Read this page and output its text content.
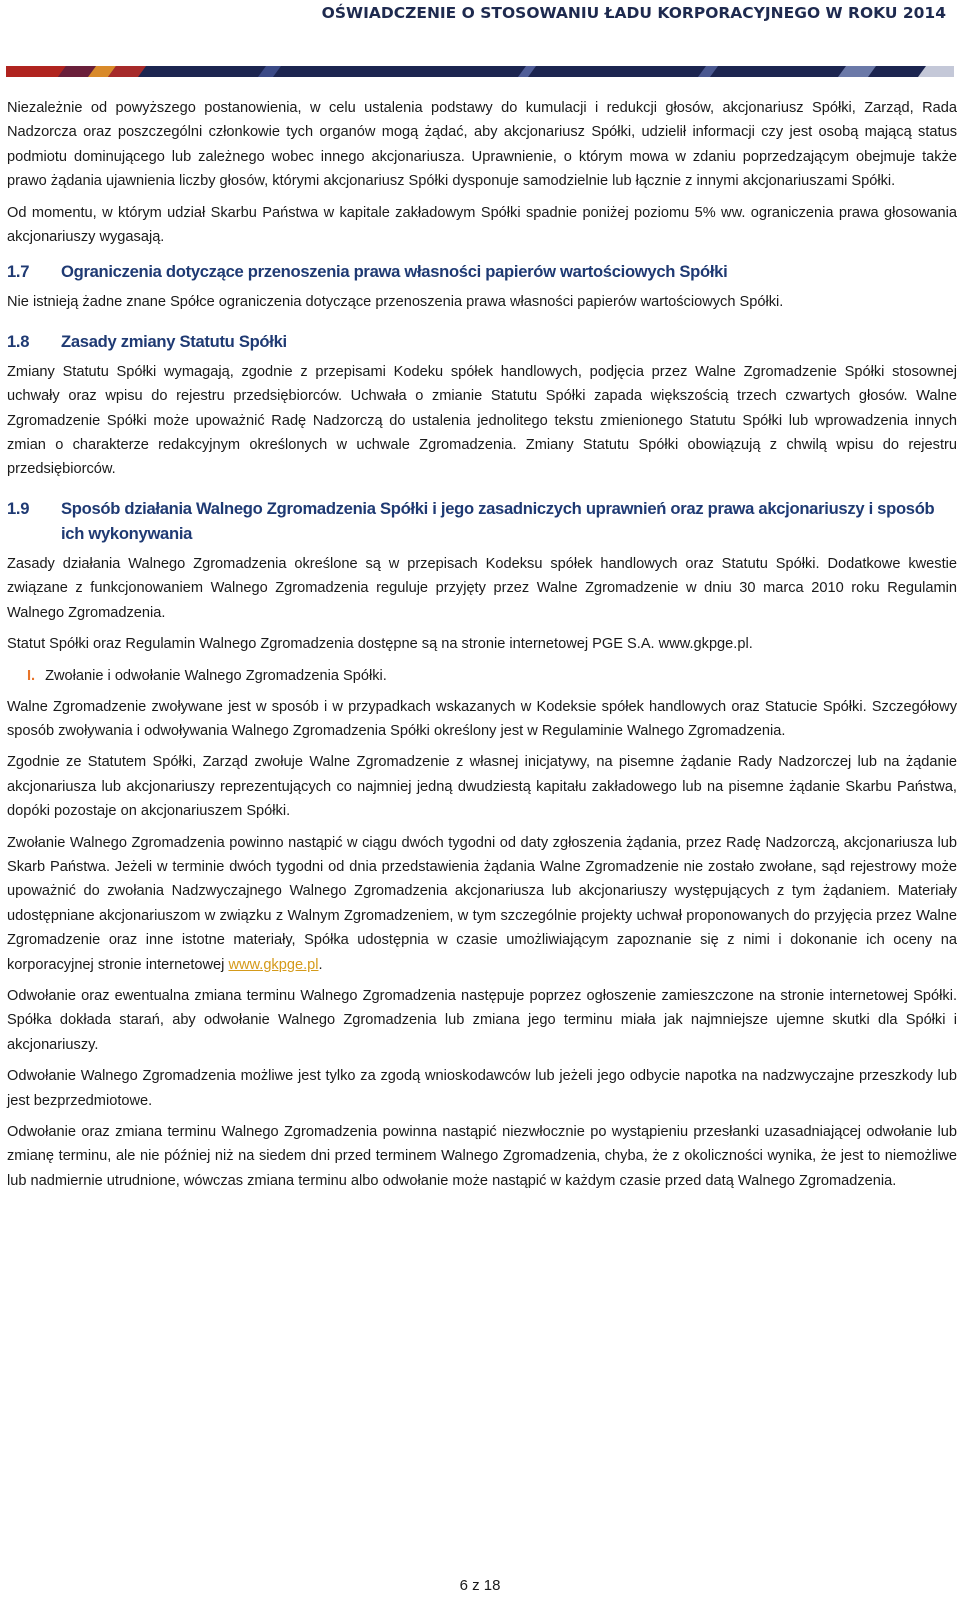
OŚWIADCZENIE O STOSOWANIU ŁADU KORPORACYJNEGO W ROKU 2014

Niezależnie od powyższego postanowienia, w celu ustalenia podstawy do kumulacji i redukcji głosów, akcjonariusz Spółki, Zarząd, Rada Nadzorcza oraz poszczególni członkowie tych organów mogą żądać, aby akcjonariusz Spółki, udzielił informacji czy jest osobą mającą status podmiotu dominującego lub zależnego wobec innego akcjonariusza. Uprawnienie, o którym mowa w zdaniu poprzedzającym obejmuje także prawo żądania ujawnienia liczby głosów, którymi akcjonariusz Spółki dysponuje samodzielnie lub łącznie z innymi akcjonariuszami Spółki.

Od momentu, w którym udział Skarbu Państwa w kapitale zakładowym Spółki spadnie poniżej poziomu 5% ww. ograniczenia prawa głosowania akcjonariuszy wygasają.

1.7	Ograniczenia dotyczące przenoszenia prawa własności papierów wartościowych Spółki

Nie istnieją żadne znane Spółce ograniczenia dotyczące przenoszenia prawa własności papierów wartościowych Spółki.

1.8	Zasady zmiany Statutu Spółki

Zmiany Statutu Spółki wymagają, zgodnie z przepisami Kodeku spółek handlowych, podjęcia przez Walne Zgromadzenie Spółki stosownej uchwały oraz wpisu do rejestru przedsiębiorców. Uchwała o zmianie Statutu Spółki zapada większością trzech czwartych głosów. Walne Zgromadzenie Spółki może upoważnić Radę Nadzorczą do ustalenia jednolitego tekstu zmienionego Statutu Spółki lub wprowadzenia innych zmian o charakterze redakcyjnym określonych w uchwale Zgromadzenia. Zmiany Statutu Spółki obowiązują z chwilą wpisu do rejestru przedsiębiorców.

1.9	Sposób działania Walnego Zgromadzenia Spółki i jego zasadniczych uprawnień oraz prawa akcjonariuszy i sposób ich wykonywania

Zasady działania Walnego Zgromadzenia określone są w przepisach Kodeksu spółek handlowych oraz Statutu Spółki. Dodatkowe kwestie związane z funkcjonowaniem Walnego Zgromadzenia reguluje przyjęty przez Walne Zgromadzenie w dniu 30 marca 2010 roku Regulamin Walnego Zgromadzenia.

Statut Spółki oraz Regulamin Walnego Zgromadzenia dostępne są na stronie internetowej PGE S.A. www.gkpge.pl.

I. Zwołanie i odwołanie Walnego Zgromadzenia Spółki.

Walne Zgromadzenie zwoływane jest w sposób i w przypadkach wskazanych w Kodeksie spółek handlowych oraz Statucie Spółki. Szczegółowy sposób zwoływania i odwoływania Walnego Zgromadzenia Spółki określony jest w Regulaminie Walnego Zgromadzenia.

Zgodnie ze Statutem Spółki, Zarząd zwołuje Walne Zgromadzenie z własnej inicjatywy, na pisemne żądanie Rady Nadzorczej lub na żądanie akcjonariusza lub akcjonariuszy reprezentujących co najmniej jedną dwudziestą kapitału zakładowego lub na pisemne żądanie Skarbu Państwa, dopóki pozostaje on akcjonariuszem Spółki.

Zwołanie Walnego Zgromadzenia powinno nastąpić w ciągu dwóch tygodni od daty zgłoszenia żądania, przez Radę Nadzorczą, akcjonariusza lub Skarb Państwa. Jeżeli w terminie dwóch tygodni od dnia przedstawienia żądania Walne Zgromadzenie nie zostało zwołane, sąd rejestrowy może upoważnić do zwołania Nadzwyczajnego Walnego Zgromadzenia akcjonariusza lub akcjonariuszy występujących z tym żądaniem. Materiały udostępniane akcjonariuszom w związku z Walnym Zgromadzeniem, w tym szczególnie projekty uchwał proponowanych do przyjęcia przez Walne Zgromadzenie oraz inne istotne materiały, Spółka udostępnia w czasie umożliwiającym zapoznanie się z nimi i dokonanie ich oceny na korporacyjnej stronie internetowej www.gkpge.pl.

Odwołanie oraz ewentualna zmiana terminu Walnego Zgromadzenia następuje poprzez ogłoszenie zamieszczone na stronie internetowej Spółki. Spółka dokłada starań, aby odwołanie Walnego Zgromadzenia lub zmiana jego terminu miała jak najmniejsze ujemne skutki dla Spółki i akcjonariuszy.

Odwołanie Walnego Zgromadzenia możliwe jest tylko za zgodą wnioskodawców lub jeżeli jego odbycie napotka na nadzwyczajne przeszkody lub jest bezprzedmiotowe.

Odwołanie oraz zmiana terminu Walnego Zgromadzenia powinna nastąpić niezwłocznie po wystąpieniu przesłanki uzasadniającej odwołanie lub zmianę terminu, ale nie później niż na siedem dni przed terminem Walnego Zgromadzenia, chyba, że z okoliczności wynika, że jest to niemożliwe lub nadmiernie utrudnione, wówczas zmiana terminu albo odwołanie może nastąpić w każdym czasie przed datą Walnego Zgromadzenia.

6 z 18
